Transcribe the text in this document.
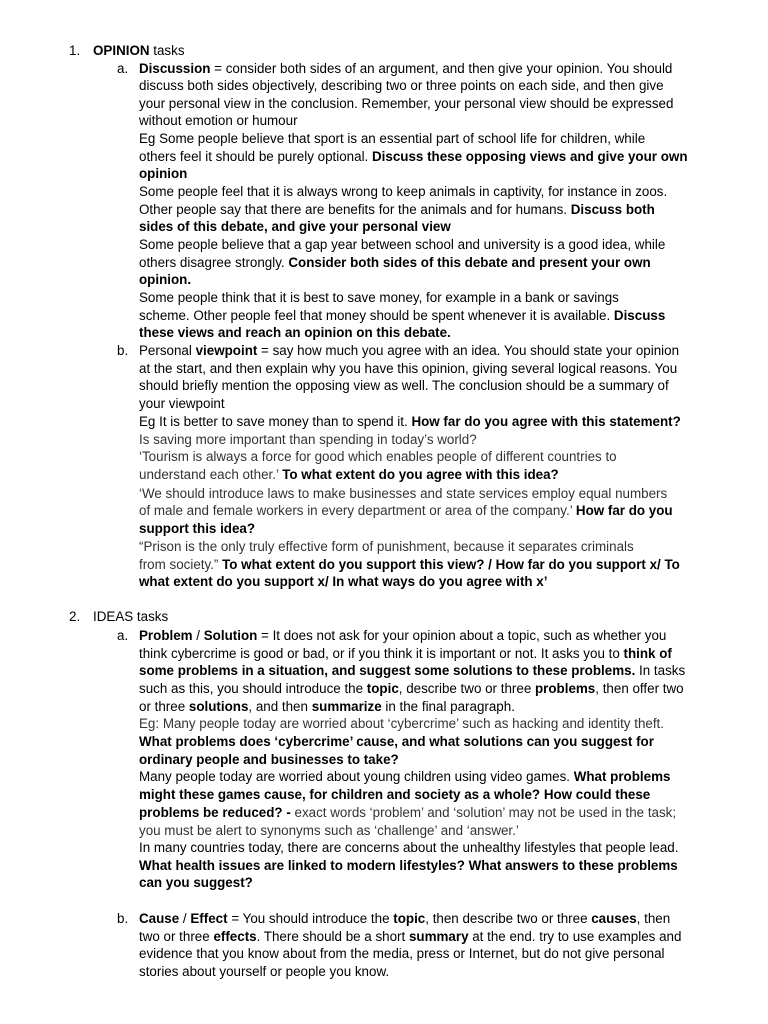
1. OPINION tasks
a. Discussion = consider both sides of an argument, and then give your opinion. You should
discuss both sides objectively, describing two or three points on each side, and then give
your personal view in the conclusion. Remember, your personal view should be expressed
without emotion or humour
Eg Some people believe that sport is an essential part of school life for children, while
others feel it should be purely optional. Discuss these opposing views and give your own
opinion
Some people feel that it is always wrong to keep animals in captivity, for instance in zoos.
Other people say that there are benefits for the animals and for humans. Discuss both
sides of this debate, and give your personal view
Some people believe that a gap year between school and university is a good idea, while
others disagree strongly. Consider both sides of this debate and present your own
opinion.
Some people think that it is best to save money, for example in a bank or savings
scheme. Other people feel that money should be spent whenever it is available. Discuss
these views and reach an opinion on this debate.
b. Personal viewpoint = say how much you agree with an idea. You should state your opinion
at the start, and then explain why you have this opinion, giving several logical reasons. You
should briefly mention the opposing view as well. The conclusion should be a summary of
your viewpoint
Eg It is better to save money than to spend it. How far do you agree with this statement?
Is saving more important than spending in today’s world?
‘Tourism is always a force for good which enables people of different countries to
understand each other.’ To what extent do you agree with this idea?
‘We should introduce laws to make businesses and state services employ equal numbers
of male and female workers in every department or area of the company.’ How far do you
support this idea?
“Prison is the only truly effective form of punishment, because it separates criminals
from society.” To what extent do you support this view? / How far do you support x/ To
what extent do you support x/ In what ways do you agree with x’
2. IDEAS tasks
a. Problem / Solution = It does not ask for your opinion about a topic, such as whether you
think cybercrime is good or bad, or if you think it is important or not. It asks you to think of
some problems in a situation, and suggest some solutions to these problems. In tasks
such as this, you should introduce the topic, describe two or three problems, then offer two
or three solutions, and then summarize in the final paragraph.
Eg: Many people today are worried about ‘cybercrime’ such as hacking and identity theft.
What problems does ‘cybercrime’ cause, and what solutions can you suggest for
ordinary people and businesses to take?
Many people today are worried about young children using video games. What problems
might these games cause, for children and society as a whole? How could these
problems be reduced? - exact words ‘problem’ and ‘solution’ may not be used in the task;
you must be alert to synonyms such as ‘challenge’ and ‘answer.’
In many countries today, there are concerns about the unhealthy lifestyles that people lead.
What health issues are linked to modern lifestyles? What answers to these problems
can you suggest?
b. Cause / Effect = You should introduce the topic, then describe two or three causes, then
two or three effects. There should be a short summary at the end. try to use examples and
evidence that you know about from the media, press or Internet, but do not give personal
stories about yourself or people you know.
